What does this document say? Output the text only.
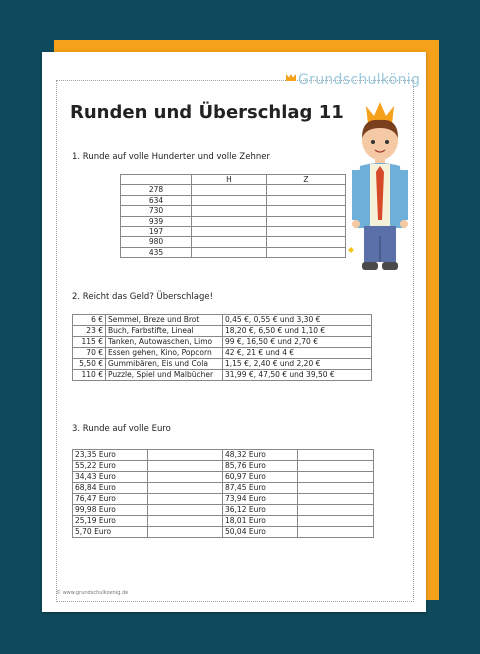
Grundschulkönig
Runden und Überschlag 11
1. Runde auf volle Hunderter und volle Zehner
	H	Z
278		
634		
730		
939		
197		
980		
435		
2. Reicht das Geld? Überschlage!
6 €	Semmel, Breze und Brot	0,45 €, 0,55 € und 3,30 €
23 €	Buch, Farbstifte, Lineal	18,20 €, 6,50 € und 1,10 €
115 €	Tanken, Autowaschen, Limo	99 €, 16,50 € und 2,70 €
70 €	Essen gehen, Kino, Popcorn	42 €, 21 € und 4 €
5,50 €	Gummibären, Eis und Cola	1,15 €, 2,40 € und 2,20 €
110 €	Puzzle, Spiel und Malbücher	31,99 €, 47,50 € und 39,50 €
3. Runde auf volle Euro
23,35 Euro		48,32 Euro	
55,22 Euro		85,76 Euro	
34,43 Euro		60,97 Euro	
68,84 Euro		87,45 Euro	
76,47 Euro		73,94 Euro	
99,98 Euro		36,12 Euro	
25,19 Euro		18,01 Euro	
5,70 Euro		50,04 Euro	
© www.grundschulkoenig.de
